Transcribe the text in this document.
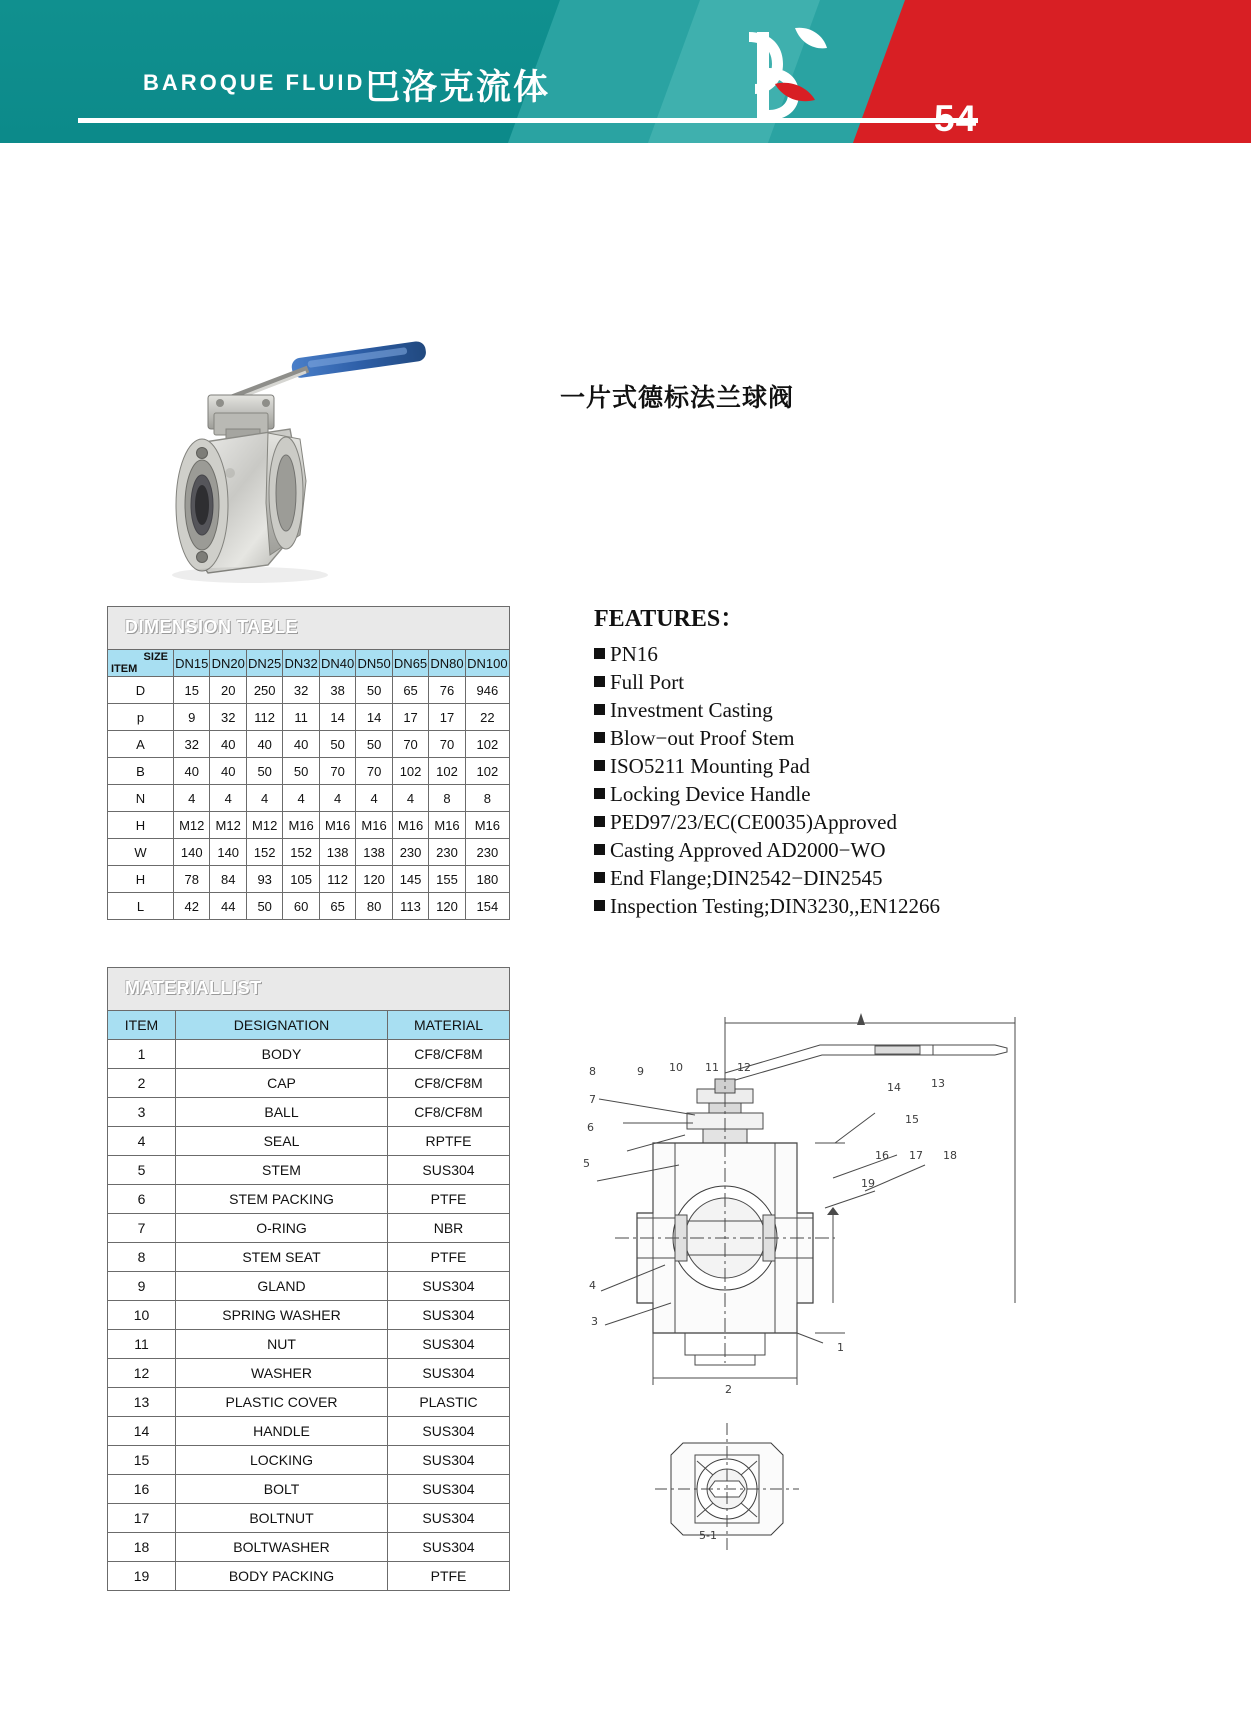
BAROQUE FLUID 巴洛克流体
54
一片式德标法兰球阀
DIMENSION TABLE
SIZE
ITEM	DN15	DN20	DN25	DN32	DN40	DN50	DN65	DN80	DN100
D	15	20	250	32	38	50	65	76	946
p	9	32	112	11	14	14	17	17	22
A	32	40	40	40	50	50	70	70	102
B	40	40	50	50	70	70	102	102	102
N	4	4	4	4	4	4	4	8	8
H	M12	M12	M12	M16	M16	M16	M16	M16	M16
W	140	140	152	152	138	138	230	230	230
H	78	84	93	105	112	120	145	155	180
L	42	44	50	60	65	80	113	120	154
MATERIALLIST
ITEM	DESIGNATION	MATERIAL
1	BODY	CF8/CF8M
2	CAP	CF8/CF8M
3	BALL	CF8/CF8M
4	SEAL	RPTFE
5	STEM	SUS304
6	STEM PACKING	PTFE
7	O-RING	NBR
8	STEM SEAT	PTFE
9	GLAND	SUS304
10	SPRING WASHER	SUS304
11	NUT	SUS304
12	WASHER	SUS304
13	PLASTIC COVER	PLASTIC
14	HANDLE	SUS304
15	LOCKING	SUS304
16	BOLT	SUS304
17	BOLTNUT	SUS304
18	BOLTWASHER	SUS304
19	BODY PACKING	PTFE
FEATURES：
PN16
Full Port
Investment Casting
Blow−out Proof Stem
ISO5211 Mounting Pad
Locking Device Handle
PED97/23/EC(CE0035)Approved
Casting Approved AD2000−WO
End Flange;DIN2542−DIN2545
Inspection Testing;DIN3230,,EN12266
8	9 10 11 12
7
6
5
4
3
1
2
14	13
15
16 17 18
19
5-1
